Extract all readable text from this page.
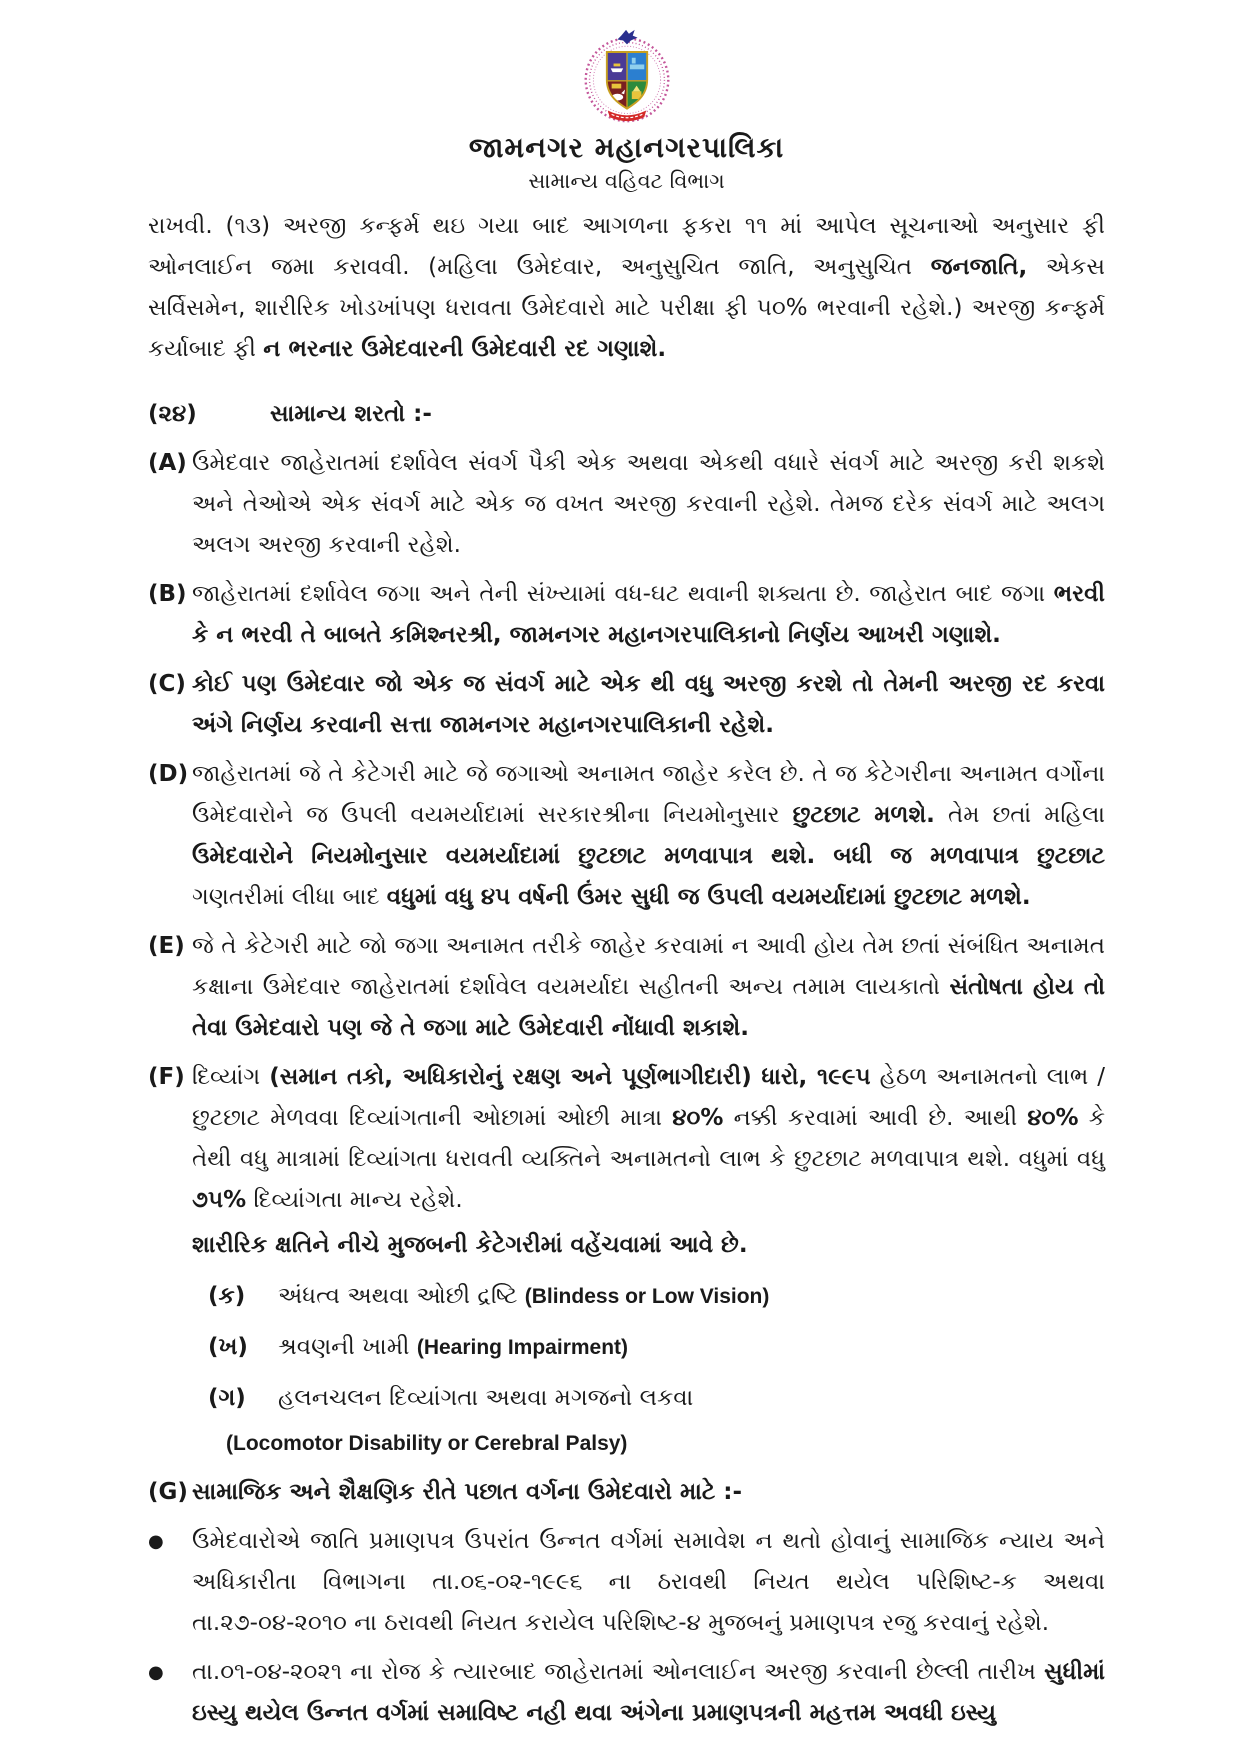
જામનગર મહાનગરપાલિકા
સામાન્ય વહિવટ વિભાગ
રાખવી. (૧૩) અરજી કન્ફર્મ થઇ ગયા બાદ આગળના ફકરા ૧૧ માં આપેલ સૂચનાઓ અનુસાર ફી ઓનલાઈન જમા કરાવવી. (મહિલા ઉમેદવાર, અનુસુચિત જાતિ, અનુસુચિત જનજાતિ, એકસ સર્વિસમેન, શારીરિક ખોડખાંપણ ધરાવતા ઉમેદવારો માટે પરીક્ષા ફી ૫૦% ભરવાની રહેશે.) અરજી કન્ફર્મ કર્યાબાદ ફી ન ભરનાર ઉમેદવારની ઉમેદવારી રદ ગણાશે.
(૨૪)	સામાન્ય શરતો :-
(A) ઉમેદવાર જાહેરાતમાં દર્શાવેલ સંવર્ગ પૈકી એક અથવા એકથી વધારે સંવર્ગ માટે અરજી કરી શકશે અને તેઓએ એક સંવર્ગ માટે એક જ વખત અરજી કરવાની રહેશે. તેમજ દરેક સંવર્ગ માટે અલગ અલગ અરજી કરવાની રહેશે.
(B) જાહેરાતમાં દર્શાવેલ જગા અને તેની સંખ્યામાં વધ-ઘટ થવાની શક્યતા છે. જાહેરાત બાદ જગા ભરવી કે ન ભરવી તે બાબતે કમિશ્નરશ્રી, જામનગર મહાનગરપાલિકાનો નિર્ણય આખરી ગણાશે.
(C) કોઈ પણ ઉમેદવાર જો એક જ સંવર્ગ માટે એક થી વધુ અરજી કરશે તો તેમની અરજી રદ કરવા અંગે નિર્ણય કરવાની સત્તા જામનગર મહાનગરપાલિકાની રહેશે.
(D) જાહેરાતમાં જે તે કેટેગરી માટે જે જગાઓ અનામત જાહેર કરેલ છે. તે જ કેટેગરીના અનામત વર્ગોના ઉમેદવારોને જ ઉપલી વયમર્યાદામાં સરકારશ્રીના નિયમોનુસાર છુટછાટ મળશે. તેમ છતાં મહિલા ઉમેદવારોને નિયમોનુસાર વયમર્યાદામાં છુટછાટ મળવાપાત્ર થશે. બધી જ મળવાપાત્ર છુટછાટ ગણતરીમાં લીધા બાદ વધુમાં વધુ ૪૫ વર્ષની ઉંમર સુધી જ ઉપલી વયમર્યાદામાં છુટછાટ મળશે.
(E) જે તે કેટેગરી માટે જો જગા અનામત તરીકે જાહેર કરવામાં ન આવી હોય તેમ છતાં સંબંધિત અનામત કક્ષાના ઉમેદવાર જાહેરાતમાં દર્શાવેલ વયમર્યાદા સહીતની અન્ય તમામ લાયકાતો સંતોષતા હોય તો તેવા ઉમેદવારો પણ જે તે જગા માટે ઉમેદવારી નોંધાવી શકાશે.
(F) દિવ્યાંગ (સમાન તકો, અધિકારોનું રક્ષણ અને પૂર્ણભાગીદારી) ધારો, ૧૯૯૫ હેઠળ અનામતનો લાભ / છુટછાટ મેળવવા દિવ્યાંગતાની ઓછામાં ઓછી માત્રા ૪૦% નક્કી કરવામાં આવી છે. આથી ૪૦% કે તેથી વધુ માત્રામાં દિવ્યાંગતા ધરાવતી વ્યક્તિને અનામતનો લાભ કે છુટછાટ મળવાપાત્ર થશે. વધુમાં વધુ ૭૫% દિવ્યાંગતા માન્ય રહેશે.
શારીરિક ક્ષતિને નીચે મુજબની કેટેગરીમાં વહેંચવામાં આવે છે.
(ક)	અંધત્વ અથવા ઓછી દ્રષ્ટિ (Blindess or Low Vision)
(ખ)	શ્રવણની ખામી (Hearing Impairment)
(ગ)	હલનચલન દિવ્યાંગતા અથવા મગજનો લકવા
(Locomotor Disability or Cerebral Palsy)
(G) સામાજિક અને શૈક્ષણિક રીતે પછાત વર્ગના ઉમેદવારો માટે :-
●	ઉમેદવારોએ જાતિ પ્રમાણપત્ર ઉપરાંત ઉન્નત વર્ગમાં સમાવેશ ન થતો હોવાનું સામાજિક ન્યાય અને અધિકારીતા વિભાગના તા.૦૬-૦૨-૧૯૯૬ ના ઠરાવથી નિયત થયેલ પરિશિષ્ટ-ક અથવા તા.૨૭-૦૪-૨૦૧૦ ના ઠરાવથી નિયત કરાયેલ પરિશિષ્ટ-૪ મુજબનું પ્રમાણપત્ર રજુ કરવાનું રહેશે.
●	તા.૦૧-૦૪-૨૦૨૧ ના રોજ કે ત્યારબાદ જાહેરાતમાં ઓનલાઈન અરજી કરવાની છેલ્લી તારીખ સુધીમાં ઇસ્યુ થયેલ ઉન્નત વર્ગમાં સમાવિષ્ટ નહી થવા અંગેના પ્રમાણપત્રની મહત્તમ અવધી ઇસ્યુ
